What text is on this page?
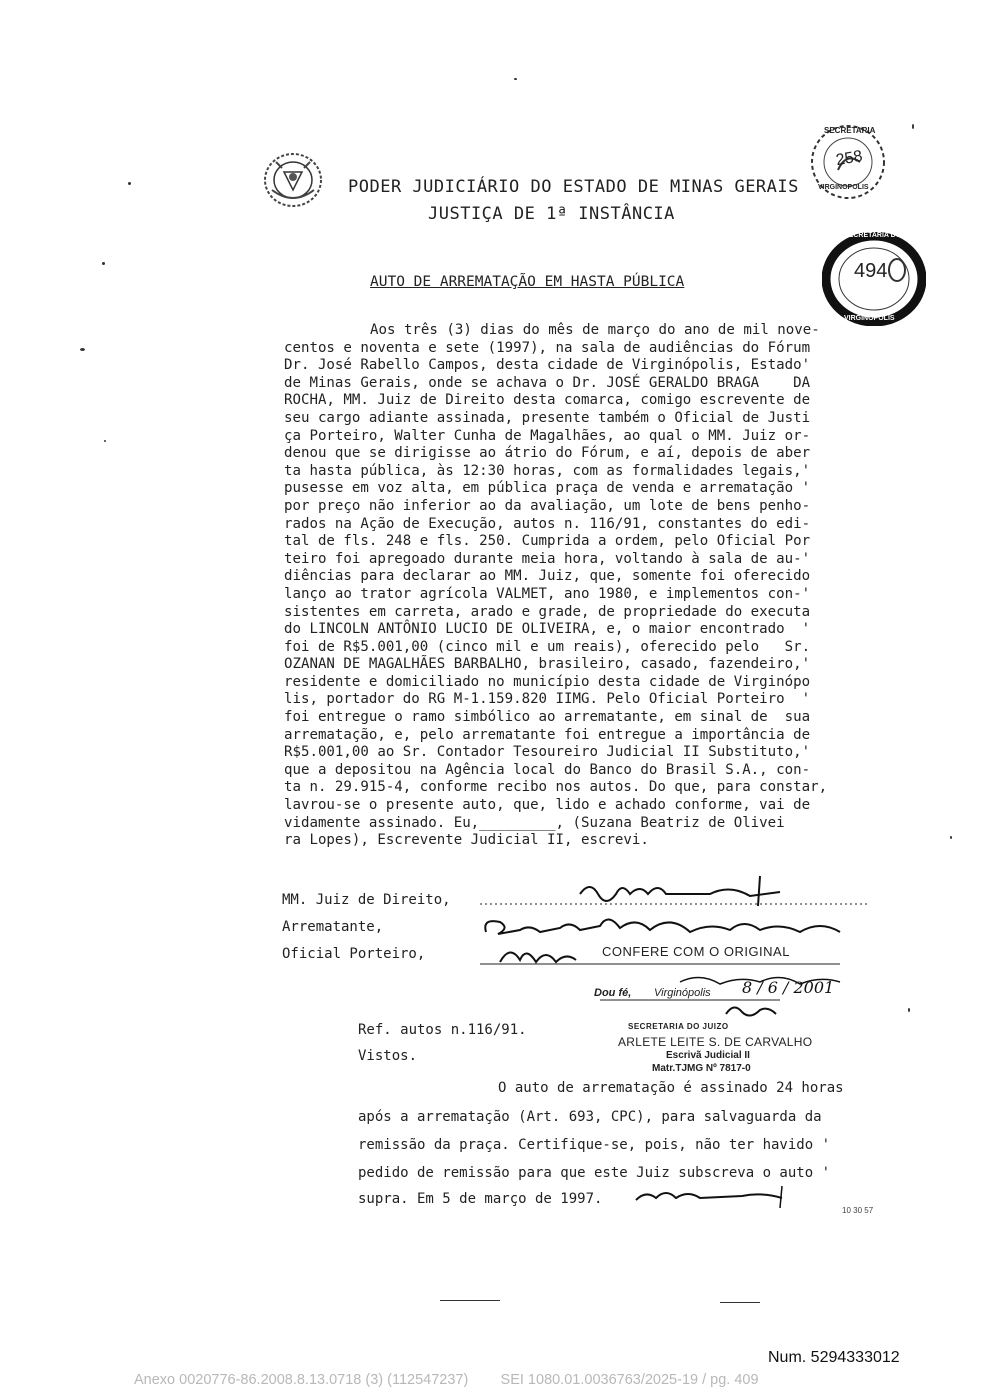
PODER JUDICIÁRIO DO ESTADO DE MINAS GERAIS
JUSTIÇA DE 1ª INSTÂNCIA
SECRETARIA
258
VIRGINOPOLIS
SECRETARIA DO JUIZO
494
VIRGINOPOLIS
AUTO DE ARREMATAÇÃO EM HASTA PÚBLICA
Aos três (3) dias do mês de março do ano de mil nove-
centos e noventa e sete (1997), na sala de audiências do Fórum
Dr. José Rabello Campos, desta cidade de Virginópolis, Estado'
de Minas Gerais, onde se achava o Dr. JOSÉ GERALDO BRAGA    DA
ROCHA, MM. Juiz de Direito desta comarca, comigo escrevente de
seu cargo adiante assinada, presente também o Oficial de Justi
ça Porteiro, Walter Cunha de Magalhães, ao qual o MM. Juiz or-
denou que se dirigisse ao átrio do Fórum, e aí, depois de aber
ta hasta pública, às 12:30 horas, com as formalidades legais,'
pusesse em voz alta, em pública praça de venda e arrematação '
por preço não inferior ao da avaliação, um lote de bens penho-
rados na Ação de Execução, autos n. 116/91, constantes do edi-
tal de fls. 248 e fls. 250. Cumprida a ordem, pelo Oficial Por
teiro foi apregoado durante meia hora, voltando à sala de au-'
diências para declarar ao MM. Juiz, que, somente foi oferecido
lanço ao trator agrícola VALMET, ano 1980, e implementos con-'
sistentes em carreta, arado e grade, de propriedade do executa
do LINCOLN ANTÔNIO LUCIO DE OLIVEIRA, e, o maior encontrado  '
foi de R$5.001,00 (cinco mil e um reais), oferecido pelo   Sr.
OZANAN DE MAGALHÃES BARBALHO, brasileiro, casado, fazendeiro,'
residente e domiciliado no município desta cidade de Virginópo
lis, portador do RG M-1.159.820 IIMG. Pelo Oficial Porteiro  '
foi entregue o ramo simbólico ao arrematante, em sinal de  sua
arrematação, e, pelo arrematante foi entregue a importância de
R$5.001,00 ao Sr. Contador Tesoureiro Judicial II Substituto,'
que a depositou na Agência local do Banco do Brasil S.A., con-
ta n. 29.915-4, conforme recibo nos autos. Do que, para constar,
lavrou-se o presente auto, que, lido e achado conforme, vai de
vidamente assinado. Eu,_________, (Suzana Beatriz de Olivei
ra Lopes), Escrevente Judicial II, escrevi.
MM. Juiz de Direito,
Arrematante,
Oficial Porteiro,	CONFERE COM O ORIGINAL
Dou fé, Virginópolis 8 / 6 / 2001
SECRETARIA DO JUIZO
ARLETE LEITE S. DE CARVALHO
Escrivã Judicial II
Matr.TJMG Nº 7817-0
Ref. autos n.116/91.
Vistos.
O auto de arrematação é assinado 24 horas
após a arrematação (Art. 693, CPC), para salvaguarda da
remissão da praça. Certifique-se, pois, não ter havido '
pedido de remissão para que este Juiz subscreva o auto '
supra. Em 5 de março de 1997.
10 30 57
Num. 5294333012
Anexo 0020776-86.2008.8.13.0718 (3) (112547237)        SEI 1080.01.0036763/2025-19 / pg. 409
